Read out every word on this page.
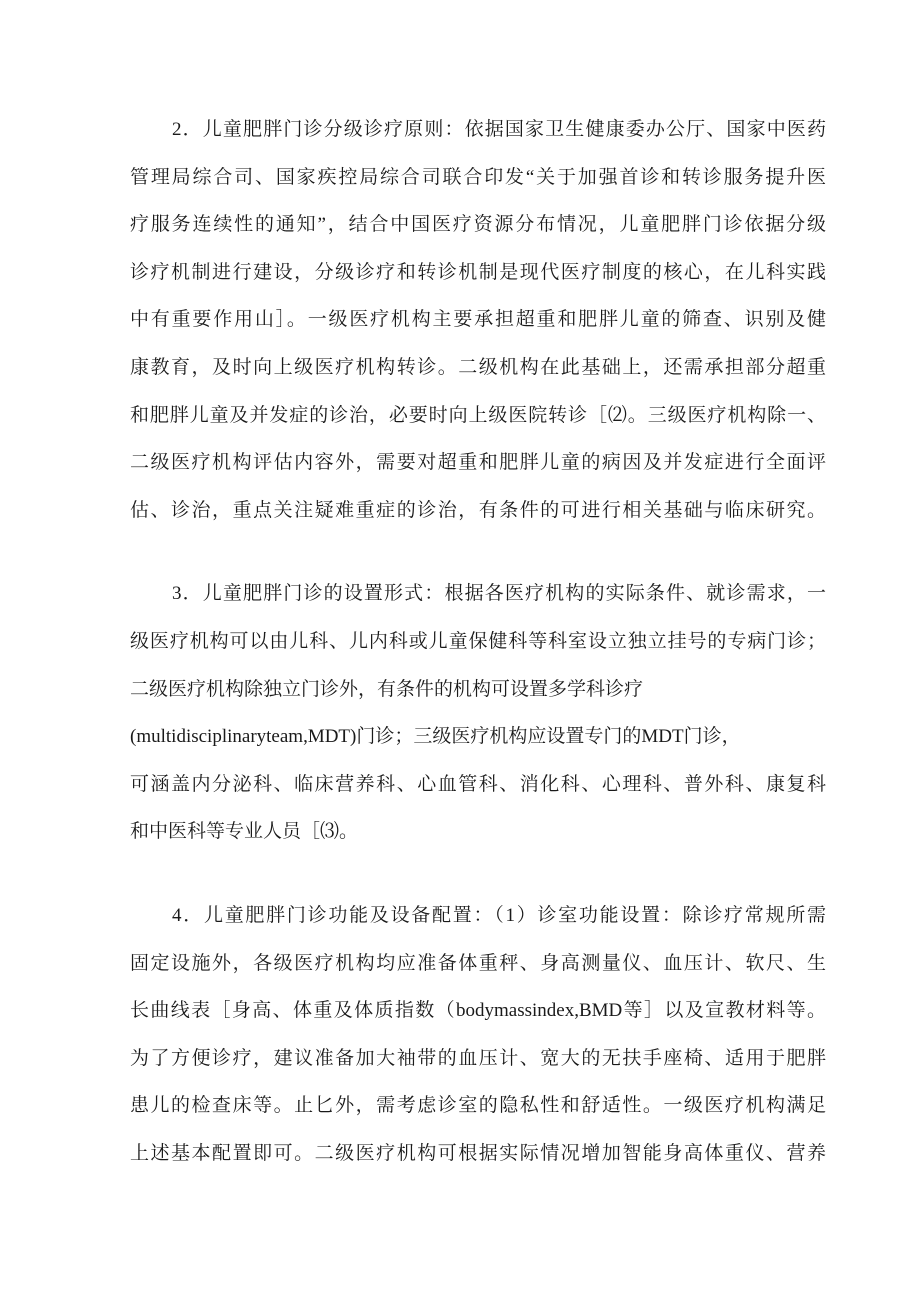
2．儿童肥胖门诊分级诊疗原则：依据国家卫生健康委办公厅、国家中医药
管理局综合司、国家疾控局综合司联合印发“关于加强首诊和转诊服务提升医
疗服务连续性的通知”，结合中国医疗资源分布情况，儿童肥胖门诊依据分级
诊疗机制进行建设，分级诊疗和转诊机制是现代医疗制度的核心，在儿科实践
中有重要作用山］。一级医疗机构主要承担超重和肥胖儿童的筛查、识别及健
康教育，及时向上级医疗机构转诊。二级机构在此基础上，还需承担部分超重
和肥胖儿童及并发症的诊治，必要时向上级医院转诊［⑵。三级医疗机构除一、
二级医疗机构评估内容外，需要对超重和肥胖儿童的病因及并发症进行全面评
估、诊治，重点关注疑难重症的诊治，有条件的可进行相关基础与临床研究。
3．儿童肥胖门诊的设置形式：根据各医疗机构的实际条件、就诊需求，一
级医疗机构可以由儿科、儿内科或儿童保健科等科室设立独立挂号的专病门诊；
二级医疗机构除独立门诊外，有条件的机构可设置多学科诊疗
(multidisciplinaryteam,MDT)门诊；三级医疗机构应设置专门的MDT门诊，
可涵盖内分泌科、临床营养科、心血管科、消化科、心理科、普外科、康复科
和中医科等专业人员［⑶。
4．儿童肥胖门诊功能及设备配置：（1）诊室功能设置：除诊疗常规所需
固定设施外，各级医疗机构均应准备体重秤、身高测量仪、血压计、软尺、生
长曲线表［身高、体重及体质指数（bodymassindex,BMD等］以及宣教材料等。
为了方便诊疗，建议准备加大袖带的血压计、宽大的无扶手座椅、适用于肥胖
患儿的检查床等。止匕外，需考虑诊室的隐私性和舒适性。一级医疗机构满足
上述基本配置即可。二级医疗机构可根据实际情况增加智能身高体重仪、营养
